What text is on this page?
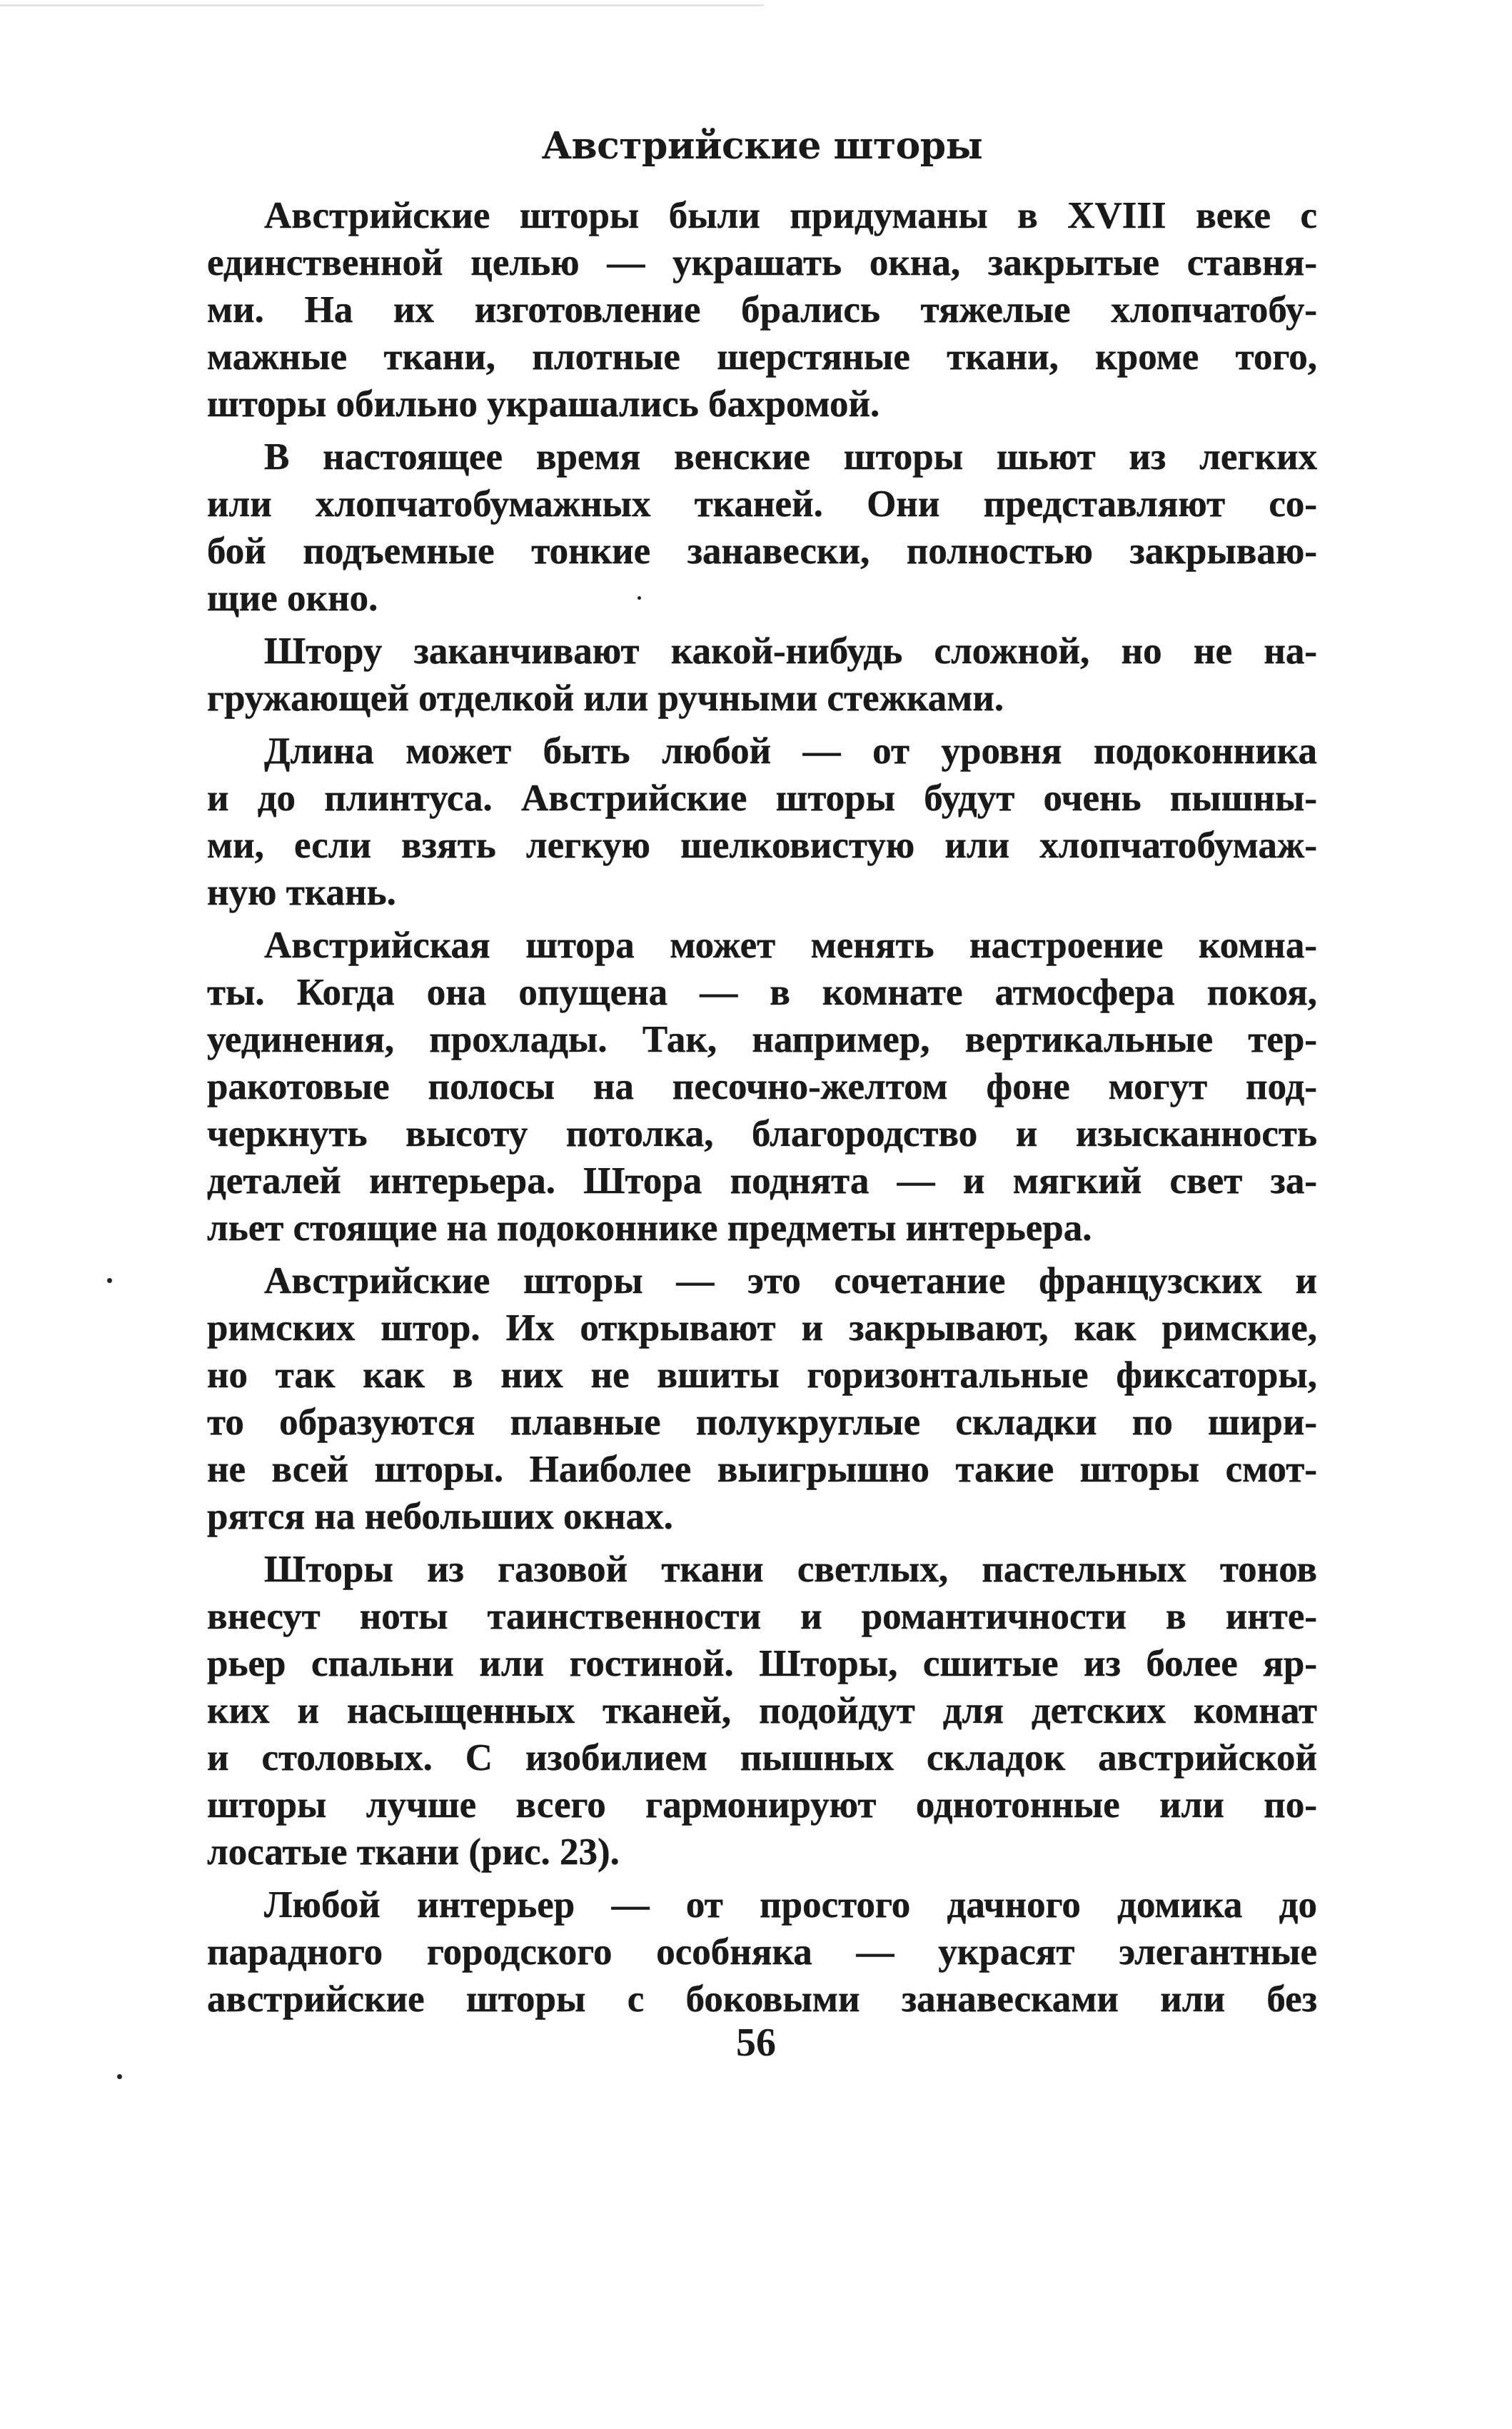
Австрийские шторы

Австрийские шторы были придуманы в XVIII веке с
единственной целью — украшать окна, закрытые ставня-
ми. На их изготовление брались тяжелые хлопчатобу-
мажные ткани, плотные шерстяные ткани, кроме того,
шторы обильно украшались бахромой.

В настоящее время венские шторы шьют из легких
или хлопчатобумажных тканей. Они представляют со-
бой подъемные тонкие занавески, полностью закрываю-
щие окно.

Штору заканчивают какой-нибудь сложной, но не на-
гружающей отделкой или ручными стежками.

Длина может быть любой — от уровня подоконника
и до плинтуса. Австрийские шторы будут очень пышны-
ми, если взять легкую шелковистую или хлопчатобумаж-
ную ткань.

Австрийская штора может менять настроение комна-
ты. Когда она опущена — в комнате атмосфера покоя,
уединения, прохлады. Так, например, вертикальные тер-
ракотовые полосы на песочно-желтом фоне могут под-
черкнуть высоту потолка, благородство и изысканность
деталей интерьера. Штора поднята — и мягкий свет за-
льет стоящие на подоконнике предметы интерьера.

Австрийские шторы — это сочетание французских и
римских штор. Их открывают и закрывают, как римские,
но так как в них не вшиты горизонтальные фиксаторы,
то образуются плавные полукруглые складки по шири-
не всей шторы. Наиболее выигрышно такие шторы смот-
рятся на небольших окнах.

Шторы из газовой ткани светлых, пастельных тонов
внесут ноты таинственности и романтичности в инте-
рьер спальни или гостиной. Шторы, сшитые из более яр-
ких и насыщенных тканей, подойдут для детских комнат
и столовых. С изобилием пышных складок австрийской
шторы лучше всего гармонируют однотонные или по-
лосатые ткани (рис. 23).

Любой интерьер — от простого дачного домика до
парадного городского особняка — украсят элегантные
австрийские шторы с боковыми занавесками или без

56
